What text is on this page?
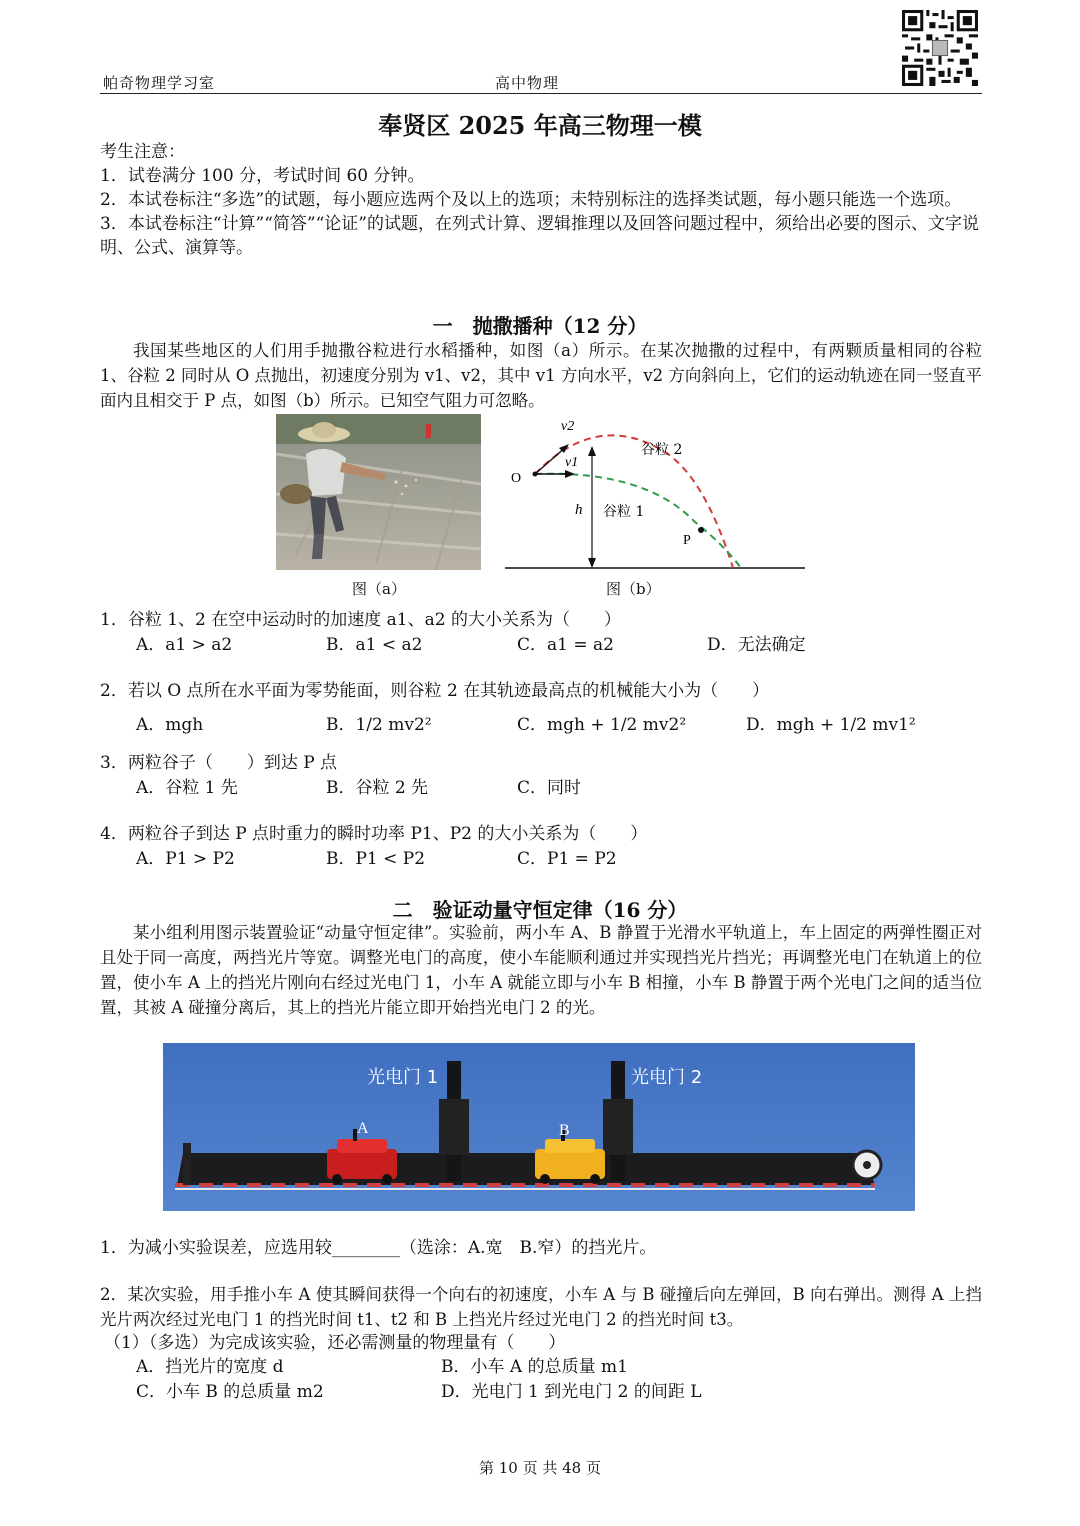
帕奇物理学习室	高中物理
奉贤区 2025 年高三物理一模
考生注意：
1．试卷满分 100 分，考试时间 60 分钟。
2．本试卷标注“多选”的试题，每小题应选两个及以上的选项；未特别标注的选择类试题，每小题只能选一个选项。
3．本试卷标注“计算”“简答”“论证”的试题，在列式计算、逻辑推理以及回答问题过程中，须给出必要的图示、文字说明、公式、演算等。
一　抛撒播种（12 分）
我国某些地区的人们用手抛撒谷粒进行水稻播种，如图（a）所示。在某次抛撒的过程中，有两颗质量相同的谷粒 1、谷粒 2 同时从 O 点抛出，初速度分别为 v1、v2，其中 v1 方向水平，v2 方向斜向上，它们的运动轨迹在同一竖直平面内且相交于 P 点，如图（b）所示。已知空气阻力可忽略。
v2
v1
O
h
P
谷粒 2
谷粒 1
图（a）	图（b）
1．谷粒 1、2 在空中运动时的加速度 a1、a2 的大小关系为（　　）
A．a1 > a2	B．a1 < a2	C．a1 = a2	D．无法确定
2．若以 O 点所在水平面为零势能面，则谷粒 2 在其轨迹最高点的机械能大小为（　　）
A．mgh	B．1/2 mv2²	C．mgh + 1/2 mv2²	D．mgh + 1/2 mv1²
3．两粒谷子（　　）到达 P 点
A．谷粒 1 先	B．谷粒 2 先	C．同时
4．两粒谷子到达 P 点时重力的瞬时功率 P1、P2 的大小关系为（　　）
A．P1 > P2	B．P1 < P2	C．P1 = P2
二　验证动量守恒定律（16 分）
某小组利用图示装置验证“动量守恒定律”。实验前，两小车 A、B 静置于光滑水平轨道上，车上固定的两弹性圈正对且处于同一高度，两挡光片等宽。调整光电门的高度，使小车能顺利通过并实现挡光片挡光；再调整光电门在轨道上的位置，使小车 A 上的挡光片刚向右经过光电门 1，小车 A 就能立即与小车 B 相撞，小车 B 静置于两个光电门之间的适当位置，其被 A 碰撞分离后，其上的挡光片能立即开始挡光电门 2 的光。
光电门 1	光电门 2
A	B
1．为减小实验误差，应选用较________（选涂：A.宽　B.窄）的挡光片。
2．某次实验，用手推小车 A 使其瞬间获得一个向右的初速度，小车 A 与 B 碰撞后向左弹回，B 向右弹出。测得 A 上挡光片两次经过光电门 1 的挡光时间 t1、t2 和 B 上挡光片经过光电门 2 的挡光时间 t3。
（1）（多选）为完成该实验，还必需测量的物理量有（　　）
A．挡光片的宽度 d	B．小车 A 的总质量 m1
C．小车 B 的总质量 m2	D．光电门 1 到光电门 2 的间距 L
第 10 页 共 48 页
